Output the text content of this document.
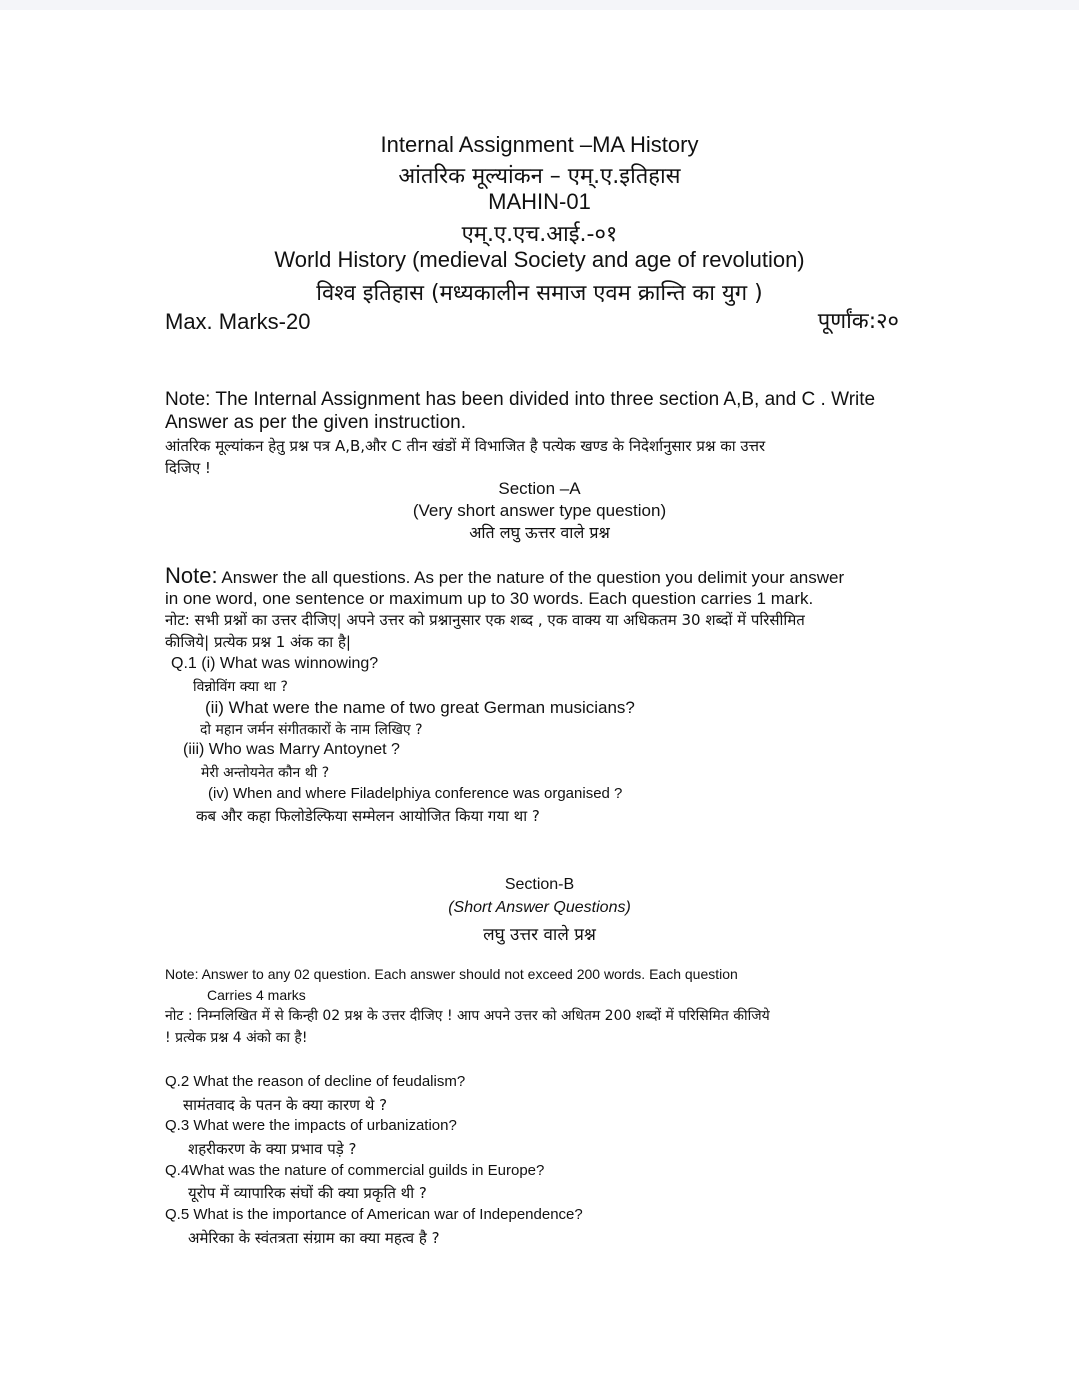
Internal Assignment –MA History
आंतरिक मूल्यांकन – एम्.ए.इतिहास
MAHIN-01
एम्.ए.एच.आई.-०१
World History (medieval Society and age of revolution)
विश्व इतिहास (मध्यकालीन समाज एवम क्रान्ति का युग )
Max. Marks-20	पूर्णांक:२०
Note: The Internal Assignment has been divided into three section A,B, and C . Write
Answer as per the given instruction.
आंतरिक मूल्यांकन हेतु प्रश्न पत्र A,B,और C तीन खंडों में विभाजित है पत्येक खण्ड के निदेर्शानुसार प्रश्न का उत्तर
दिजिए !
Section –A
(Very short answer type question)
अति लघु ऊत्तर वाले प्रश्न
Note: Answer the all questions. As per the nature of the question you delimit your answer
in one word, one sentence or maximum up to 30 words. Each question carries 1 mark.
नोट: सभी प्रश्नों का उत्तर दीजिए| अपने उत्तर को प्रश्नानुसार एक शब्द , एक वाक्य या अधिकतम 30 शब्दों में परिसीमित
कीजिये| प्रत्येक प्रश्न 1 अंक का है|
Q.1 (i) What was winnowing?
विन्नोविंग क्या था ?
(ii) What were the name of two great German musicians?
दो महान जर्मन संगीतकारों के नाम लिखिए ?
(iii) Who was Marry Antoynet ?
मेरी अन्तोयनेत कौन थी ?
(iv) When and where Filadelphiya conference was organised ?
कब और कहा फिलोडेल्फिया सम्मेलन आयोजित किया गया था ?
Section-B
(Short Answer Questions)
लघु उत्तर वाले प्रश्न
Note: Answer to any 02 question. Each answer should not exceed 200 words. Each question
Carries 4 marks
नोट : निम्नलिखित में से किन्ही 02 प्रश्न के उत्तर दीजिए ! आप अपने उत्तर को अधितम 200 शब्दों में परिसिमित कीजिये
! प्रत्येक प्रश्न 4 अंको का है!
Q.2 What the reason of decline of feudalism?
सामंतवाद के पतन के क्या कारण थे ?
Q.3 What were the impacts of urbanization?
शहरीकरण के क्या प्रभाव पड़े ?
Q.4What was the nature of commercial guilds in Europe?
यूरोप में व्यापारिक संघों की क्या प्रकृति थी ?
Q.5 What is the importance of American war of Independence?
अमेरिका के स्वंतत्रता संग्राम का क्या महत्व है ?
